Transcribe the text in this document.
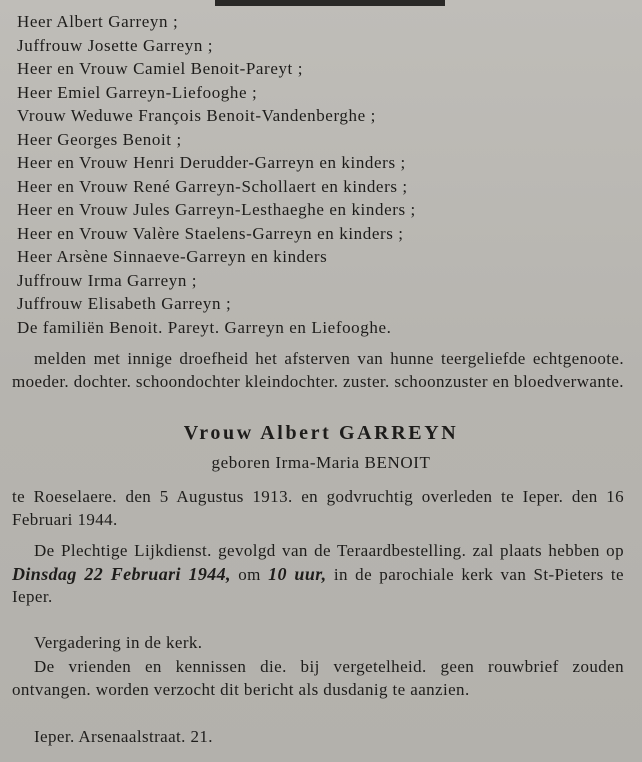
Heer Albert Garreyn ;
Juffrouw Josette Garreyn ;
Heer en Vrouw Camiel Benoit-Pareyt ;
Heer Emiel Garreyn-Liefooghe ;
Vrouw Weduwe François Benoit-Vandenberghe ;
Heer Georges Benoit ;
Heer en Vrouw Henri Derudder-Garreyn en kinders ;
Heer en Vrouw René Garreyn-Schollaert en kinders ;
Heer en Vrouw Jules Garreyn-Lesthaeghe en kinders ;
Heer en Vrouw Valère Staelens-Garreyn en kinders ;
Heer Arsène Sinnaeve-Garreyn en kinders
Juffrouw Irma Garreyn ;
Juffrouw Elisabeth Garreyn ;
De familiën Benoit. Pareyt. Garreyn en Liefooghe.
melden met innige droefheid het afsterven van hunne teergeliefde echtgenoote. moeder. dochter. schoondochter kleindochter. zuster. schoonzuster en bloedverwante.
Vrouw Albert GARREYN
geboren Irma-Maria BENOIT
te Roeselaere. den 5 Augustus 1913. en godvruchtig overleden te Ieper. den 16 Februari 1944.
De Plechtige Lijkdienst. gevolgd van de Teraardbestelling. zal plaats hebben op Dinsdag 22 Februari 1944, om 10 uur, in de parochiale kerk van St-Pieters te Ieper.
Vergadering in de kerk.
De vrienden en kennissen die. bij vergetelheid. geen rouwbrief zouden ontvangen. worden verzocht dit bericht als dusdanig te aanzien.
Ieper. Arsenaalstraat. 21.
